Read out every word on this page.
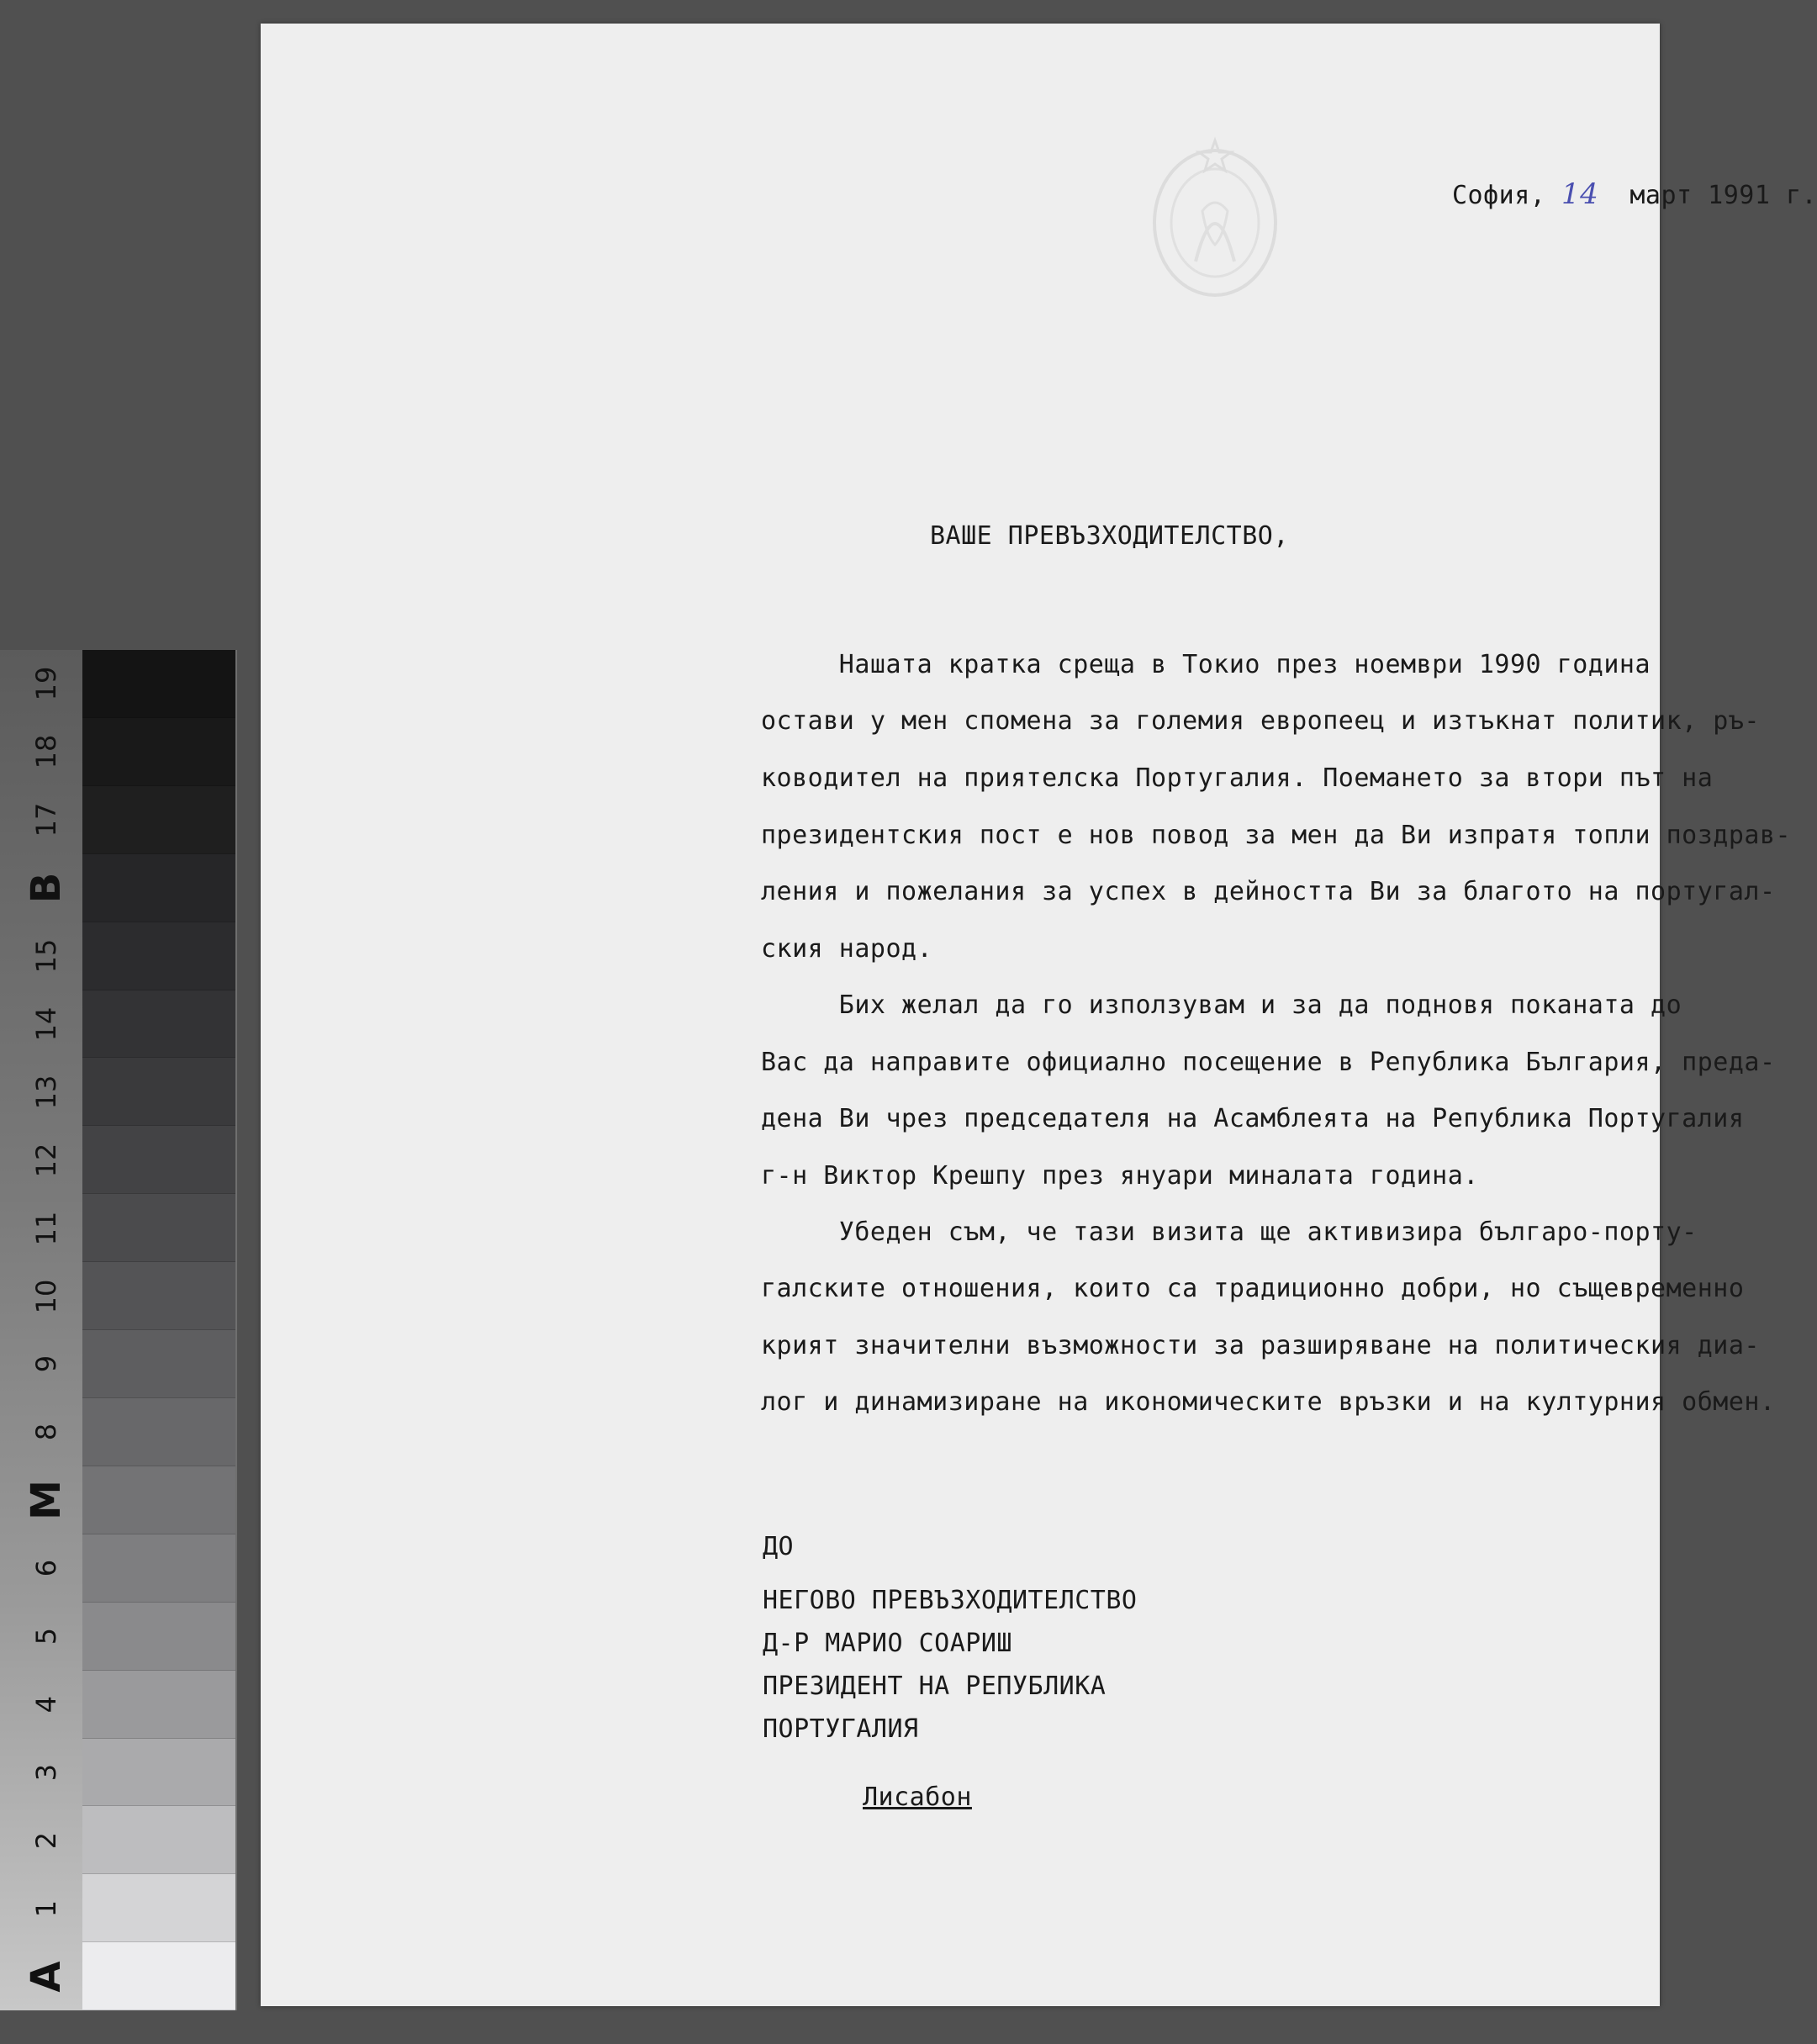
19
18
17
B
15
14
13
12
11
10
9
8
M
6
5
4
3
2
1
A
София, 14 март 1991 г.
ВАШЕ ПРЕВЪЗХОДИТЕЛСТВО,
Нашата кратка среща в Токио през ноември 1990 година
остави у мен спомена за големия европеец и изтъкнат политик, ръ-
ководител на приятелска Португалия. Поемането за втори път на
президентския пост е нов повод за мен да Ви изпратя топли поздрав-
ления и пожелания за успех в дейността Ви за благото на португал-
ския народ.
Бих желал да го използувам и за да подновя поканата до
Вас да направите официално посещение в Република България, преда-
дена Ви чрез председателя на Асамблеята на Република Португалия
г-н Виктор Крешпу през януари миналата година.
Убеден съм, че тази визита ще активизира българо-порту-
галските отношения, които са традиционно добри, но същевременно
крият значителни възможности за разширяване на политическия диа-
лог и динамизиране на икономическите връзки и на културния обмен.
ДО
НЕГОВО ПРЕВЪЗХОДИТЕЛСТВО
Д-Р МАРИО СОАРИШ
ПРЕЗИДЕНТ НА РЕПУБЛИКА
ПОРТУГАЛИЯ
Лисабон
